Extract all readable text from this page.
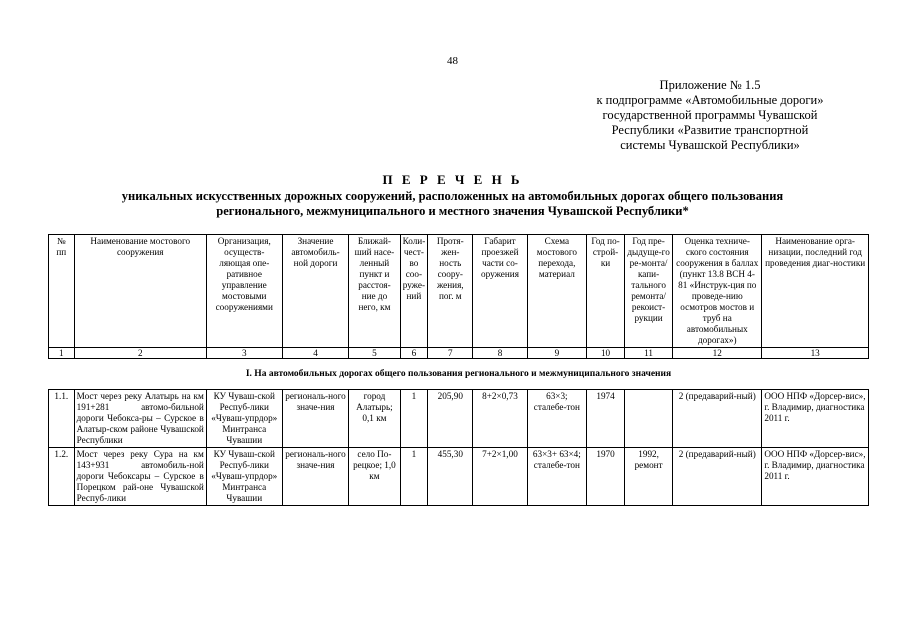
48
Приложение № 1.5
к подпрограмме «Автомобильные дороги»
государственной программы Чувашской
Республики «Развитие транспортной
системы Чувашской Республики»
П Е Р Е Ч Е Н Ь
уникальных искусственных дорожных сооружений, расположенных на автомобильных дорогах общего пользования
регионального, межмуниципального и местного значения Чувашской Республики*
№ пп	Наименование мостового сооружения	Организация, осуществ-ляющая опе-ративное управление мостовыми сооружениями	Значение автомобиль-ной дороги	Ближай-ший насе-ленный пункт и расстоя-ние до него, км	Коли-чест-во соо-руже-ний	Протя-жен-ность соору-жения, пог. м	Габарит проезжей части со-оружения	Схема мостового перехода, материал	Год по-строй-ки	Год пре-дыдуще-го ре-монта/ капи-тального ремонта/ рекоист-рукции	Оценка техниче-ского состояния сооружения в баллах (пункт 13.8 ВСН 4-81 «Инструк-ция по проведе-нию осмотров мостов и труб на автомобильных дорогах»)	Наименование орга-низации, последний год проведения диаг-ностики
1	2	3	4	5	6	7	8	9	10	11	12	13
I. На автомобильных дорогах общего пользования регионального и межмуниципального значения												
1.1.	Мост через реку Алатырь на км 191+281 автомо-бильной дороги Чебокса-ры – Сурское в Алатыр-ском районе Чувашской Республики	КУ Чуваш-ской Респуб-лики «Чуваш-упрдор» Минтранса Чувашии	региональ-ного значе-ния	город Алатырь; 0,1 км	1	205,90	8+2×0,73	63×3; сталебе-тон	1974		2 (предаварий-ный)	ООО НПФ «Дорсер-вис», г. Владимир, диагностика 2011 г.
1.2.	Мост через реку Сура на км 143+931 автомобиль-ной дороги Чебоксары – Сурское в Порецком рай-оне Чувашской Респуб-лики	КУ Чуваш-ской Респуб-лики «Чуваш-упрдор» Минтранса Чувашии	региональ-ного значе-ния	село По-рецкое; 1,0 км	1	455,30	7+2×1,00	63×3+ 63×4; сталебе-тон	1970	1992, ремонт	2 (предаварий-ный)	ООО НПФ «Дорсер-вис», г. Владимир, диагностика 2011 г.
